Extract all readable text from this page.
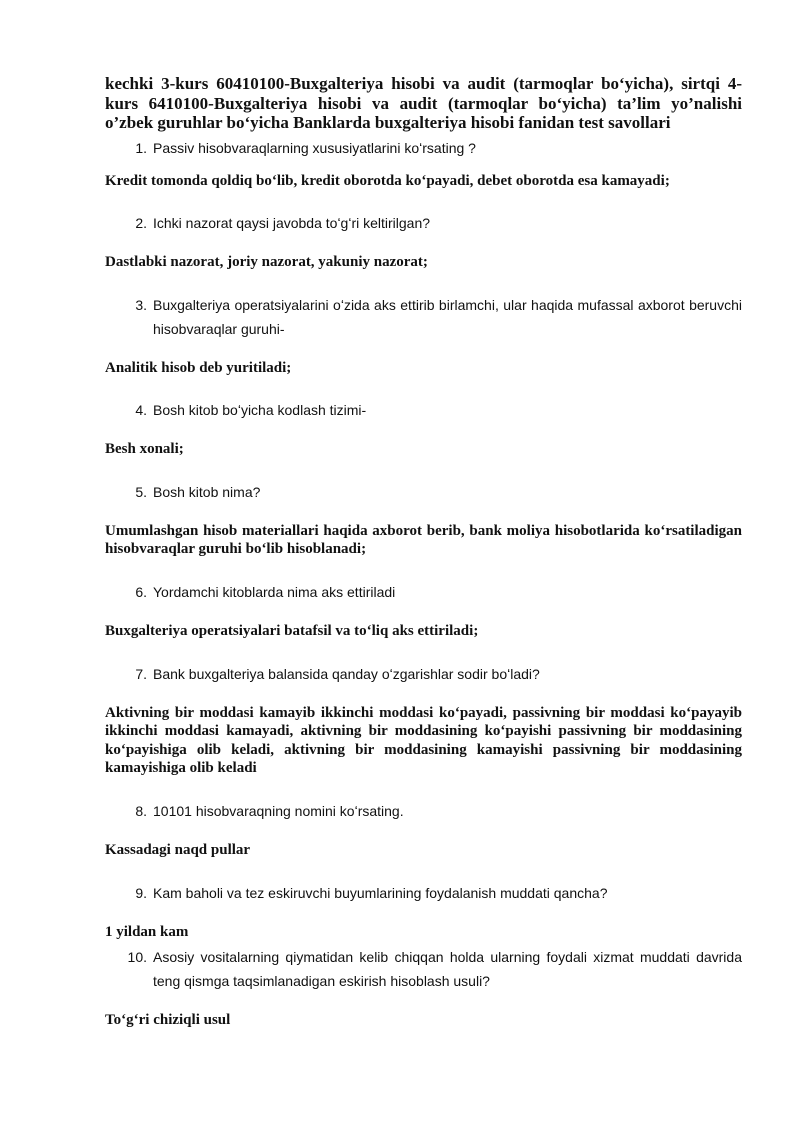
kechki 3-kurs 60410100-Buxgalteriya hisobi va audit (tarmoqlar bo‘yicha), sirtqi 4-kurs 6410100-Buxgalteriya hisobi va audit (tarmoqlar bo‘yicha) ta’lim yo’nalishi o’zbek guruhlar bo‘yicha Banklarda buxgalteriya hisobi fanidan test savollari
1. Passiv hisobvaraqlarning xususiyatlarini koʻrsating ?
Kredit tomonda qoldiq bo‘lib, kredit oborotda ko‘payadi, debet oborotda esa kamayadi;
2. Ichki nazorat qaysi javobda toʻgʻri keltirilgan?
Dastlabki nazorat, joriy nazorat, yakuniy nazorat;
3. Buxgalteriya operatsiyalarini oʻzida aks ettirib birlamchi, ular haqida mufassal axborot beruvchi hisobvaraqlar guruhi-
Analitik hisob deb yuritiladi;
4. Bosh kitob boʻyicha kodlash tizimi-
Besh xonali;
5. Bosh kitob nima?
Umumlashgan hisob materiallari haqida axborot berib, bank moliya hisobotlarida ko‘rsatiladigan hisobvaraqlar guruhi bo‘lib hisoblanadi;
6. Yordamchi kitoblarda nima aks ettiriladi
Buxgalteriya operatsiyalari batafsil va to‘liq aks ettiriladi;
7. Bank buxgalteriya balansida qanday oʻzgarishlar sodir boʻladi?
Aktivning bir moddasi kamayib ikkinchi moddasi ko‘payadi, passivning bir moddasi ko‘payayib ikkinchi moddasi kamayadi, aktivning bir moddasining ko‘payishi passivning bir moddasining ko‘payishiga olib keladi, aktivning bir moddasining kamayishi passivning bir moddasining kamayishiga olib keladi
8. 10101 hisobvaraqning nomini koʻrsating.
Kassadagi naqd pullar
9. Kam baholi va tez eskiruvchi buyumlarining foydalanish muddati qancha?
1 yildan kam
10. Asosiy vositalarning qiymatidan kelib chiqqan holda ularning foydali xizmat muddati davrida teng qismga taqsimlanadigan eskirish hisoblash usuli?
To‘g‘ri chiziqli usul
